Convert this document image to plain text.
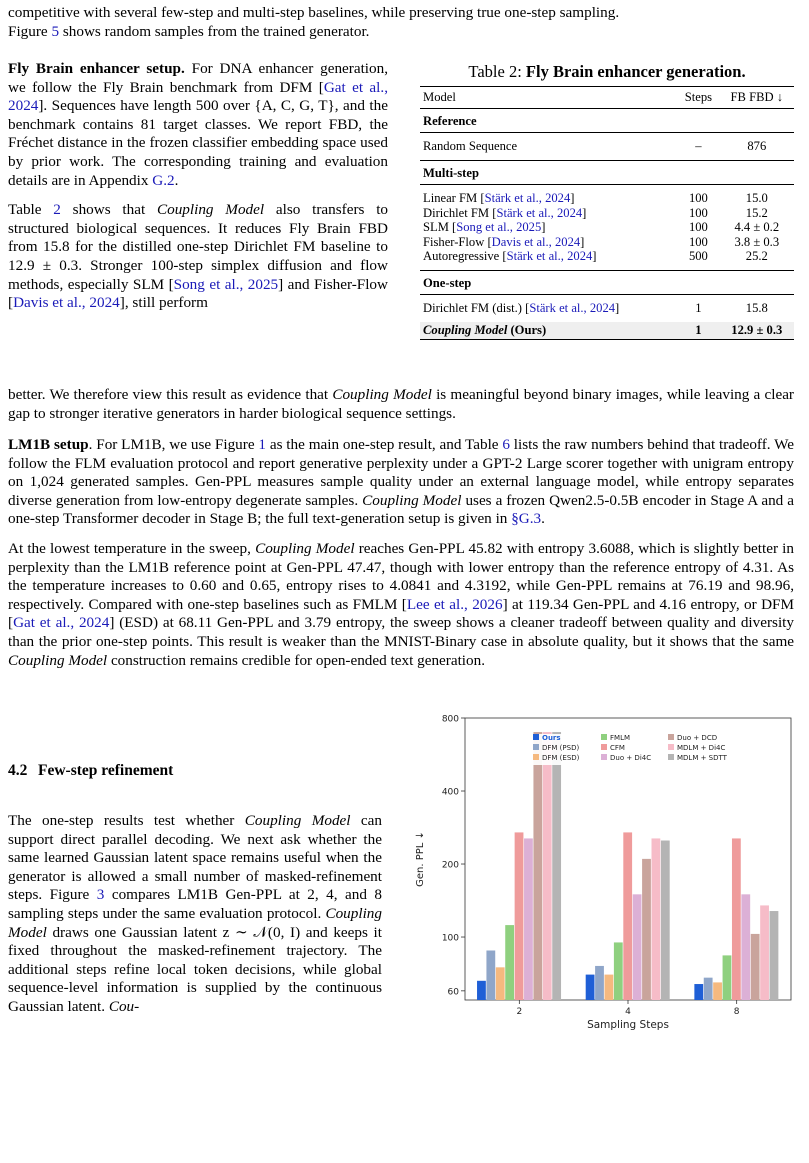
competitive with several few-step and multi-step baselines, while preserving true one-step sampling.
Figure 5 shows random samples from the trained generator.

Fly Brain enhancer setup. For DNA enhancer generation, we follow the Fly Brain benchmark from DFM [Gat et al., 2024]. Sequences have length 500 over {A, C, G, T}, and the benchmark contains 81 target classes. We report FBD, the Fréchet distance in the frozen classifier embedding space used by prior work. The corresponding training and evaluation details are in Appendix G.2.

Table 2 shows that Coupling Model also transfers to structured biological sequences. It reduces Fly Brain FBD from 15.8 for the distilled one-step Dirichlet FM baseline to 12.9 ± 0.3. Stronger 100-step simplex diffusion and flow methods, especially SLM [Song et al., 2025] and Fisher-Flow [Davis et al., 2024], still perform

Table 2: Fly Brain enhancer generation.
Model	Steps	FB FBD ↓
Reference		
Random Sequence	–	876
Multi-step		
Linear FM [Stärk et al., 2024]	100	15.0
Dirichlet FM [Stärk et al., 2024]	100	15.2
SLM [Song et al., 2025]	100	4.4 ± 0.2
Fisher-Flow [Davis et al., 2024]	100	3.8 ± 0.3
Autoregressive [Stärk et al., 2024]	500	25.2
One-step		
Dirichlet FM (dist.) [Stärk et al., 2024]	1	15.8
Coupling Model (Ours)	1	12.9 ± 0.3

better. We therefore view this result as evidence that Coupling Model is meaningful beyond binary images, while leaving a clear gap to stronger iterative generators in harder biological sequence settings.

LM1B setup. For LM1B, we use Figure 1 as the main one-step result, and Table 6 lists the raw numbers behind that tradeoff. We follow the FLM evaluation protocol and report generative perplexity under a GPT-2 Large scorer together with unigram entropy on 1,024 generated samples. Gen-PPL measures sample quality under an external language model, while entropy separates diverse generation from low-entropy degenerate samples. Coupling Model uses a frozen Qwen2.5-0.5B encoder in Stage A and a one-step Transformer decoder in Stage B; the full text-generation setup is given in §G.3.

At the lowest temperature in the sweep, Coupling Model reaches Gen-PPL 45.82 with entropy 3.6088, which is slightly better in perplexity than the LM1B reference point at Gen-PPL 47.47, though with lower entropy than the reference entropy of 4.31. As the temperature increases to 0.60 and 0.65, entropy rises to 4.0841 and 4.3192, while Gen-PPL remains at 76.19 and 98.96, respectively. Compared with one-step baselines such as FMLM [Lee et al., 2026] at 119.34 Gen-PPL and 4.16 entropy, or DFM [Gat et al., 2024] (ESD) at 68.11 Gen-PPL and 3.79 entropy, the sweep shows a cleaner tradeoff between quality and diversity than the prior one-step points. This result is weaker than the MNIST-Binary case in absolute quality, but it shows that the same Coupling Model construction remains credible for open-ended text generation.

4.2 Few-step refinement

The one-step results test whether Coupling Model can support direct parallel decoding. We next ask whether the same learned Gaussian latent space remains useful when the generator is allowed a small number of masked-refinement steps. Figure 3 compares LM1B Gen-PPL at 2, 4, and 8 sampling steps under the same evaluation protocol. Coupling Model draws one Gaussian latent z ∼ 𝒩(0, I) and keeps it fixed throughout the masked-refinement trajectory. The additional steps refine local token decisions, while global sequence-level information is supplied by the continuous Gaussian latent. Cou-

60
100
200
400
800
Gen. PPL ↓
2	4	8
Sampling Steps
Ours
DFM (PSD)
DFM (ESD)
FMLM
CFM
Duo + Di4C
Duo + DCD
MDLM + Di4C
MDLM + SDTT
